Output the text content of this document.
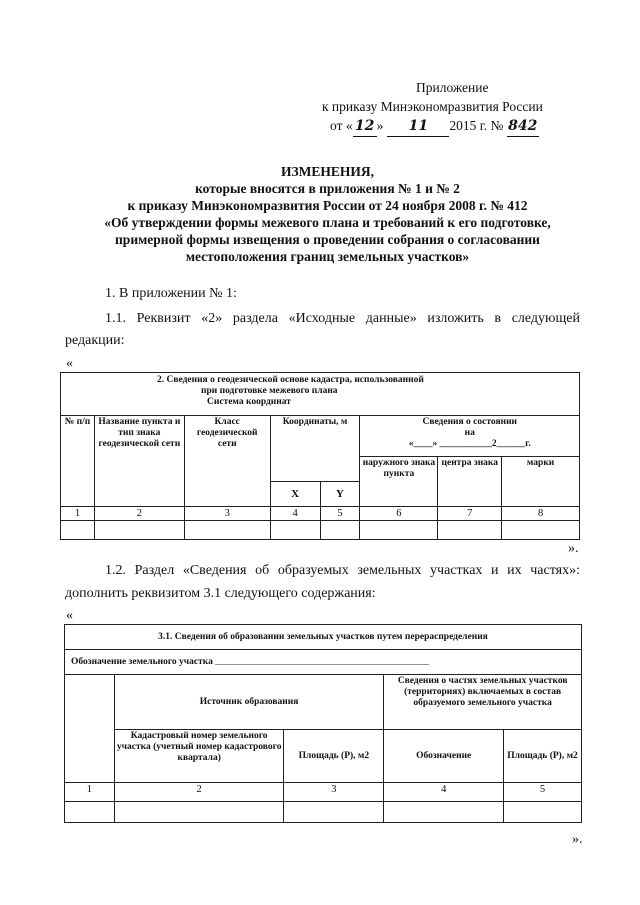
Приложение
к приказу Минэкономразвития России
от « 12 » 11 2015 г. № 842
ИЗМЕНЕНИЯ,
которые вносятся в приложения № 1 и № 2
к приказу Минэкономразвития России от 24 ноября 2008 г. № 412
«Об утверждении формы межевого плана и требований к его подготовке,
примерной формы извещения о проведении собрания о согласовании
местоположения границ земельных участков»
1. В приложении № 1:
1.1. Реквизит «2» раздела «Исходные данные» изложить в следующей
редакции:
«
2. Сведения о геодезической основе кадастра, использованной
при подготовке межевого плана
Система координат							

№ п/п	Название пункта и тип знака геодезической сети	Класс геодезической сети	Координаты, м		Сведения о состоянии
на
«____» ___________2______г.		

					наружного знака пункта	центра знака	марки
			X	Y			
1	2	3	4	5	6	7	8

».
1.2. Раздел «Сведения об образуемых земельных участках и их частях»:
дополнить реквизитом 3.1 следующего содержания:
«
3.1. Сведения об образовании земельных участков путем перераспределения				
Обозначение земельного участка _____________________________________________				
	Источник образования		Сведения о частях земельных участков (территориях) включаемых в состав образуемого земельного участка	
	Кадастровый номер земельного участка (учетный номер кадастрового квартала)	Площадь (P), м2	Обозначение	Площадь (P), м2
1	2	3	4	5

».
